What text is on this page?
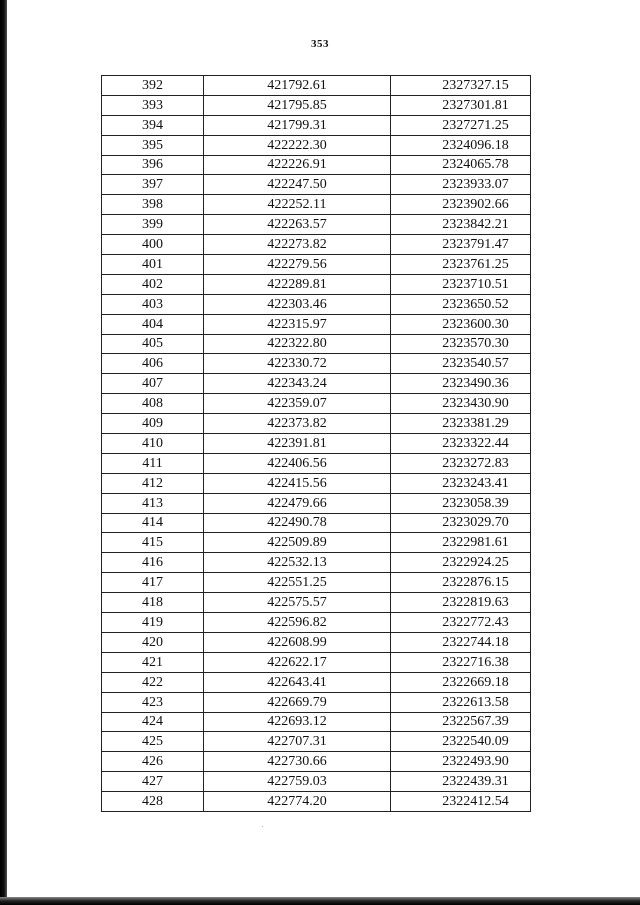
353
392	421792.61	2327327.15
393	421795.85	2327301.81
394	421799.31	2327271.25
395	422222.30	2324096.18
396	422226.91	2324065.78
397	422247.50	2323933.07
398	422252.11	2323902.66
399	422263.57	2323842.21
400	422273.82	2323791.47
401	422279.56	2323761.25
402	422289.81	2323710.51
403	422303.46	2323650.52
404	422315.97	2323600.30
405	422322.80	2323570.30
406	422330.72	2323540.57
407	422343.24	2323490.36
408	422359.07	2323430.90
409	422373.82	2323381.29
410	422391.81	2323322.44
411	422406.56	2323272.83
412	422415.56	2323243.41
413	422479.66	2323058.39
414	422490.78	2323029.70
415	422509.89	2322981.61
416	422532.13	2322924.25
417	422551.25	2322876.15
418	422575.57	2322819.63
419	422596.82	2322772.43
420	422608.99	2322744.18
421	422622.17	2322716.38
422	422643.41	2322669.18
423	422669.79	2322613.58
424	422693.12	2322567.39
425	422707.31	2322540.09
426	422730.66	2322493.90
427	422759.03	2322439.31
428	422774.20	2322412.54
